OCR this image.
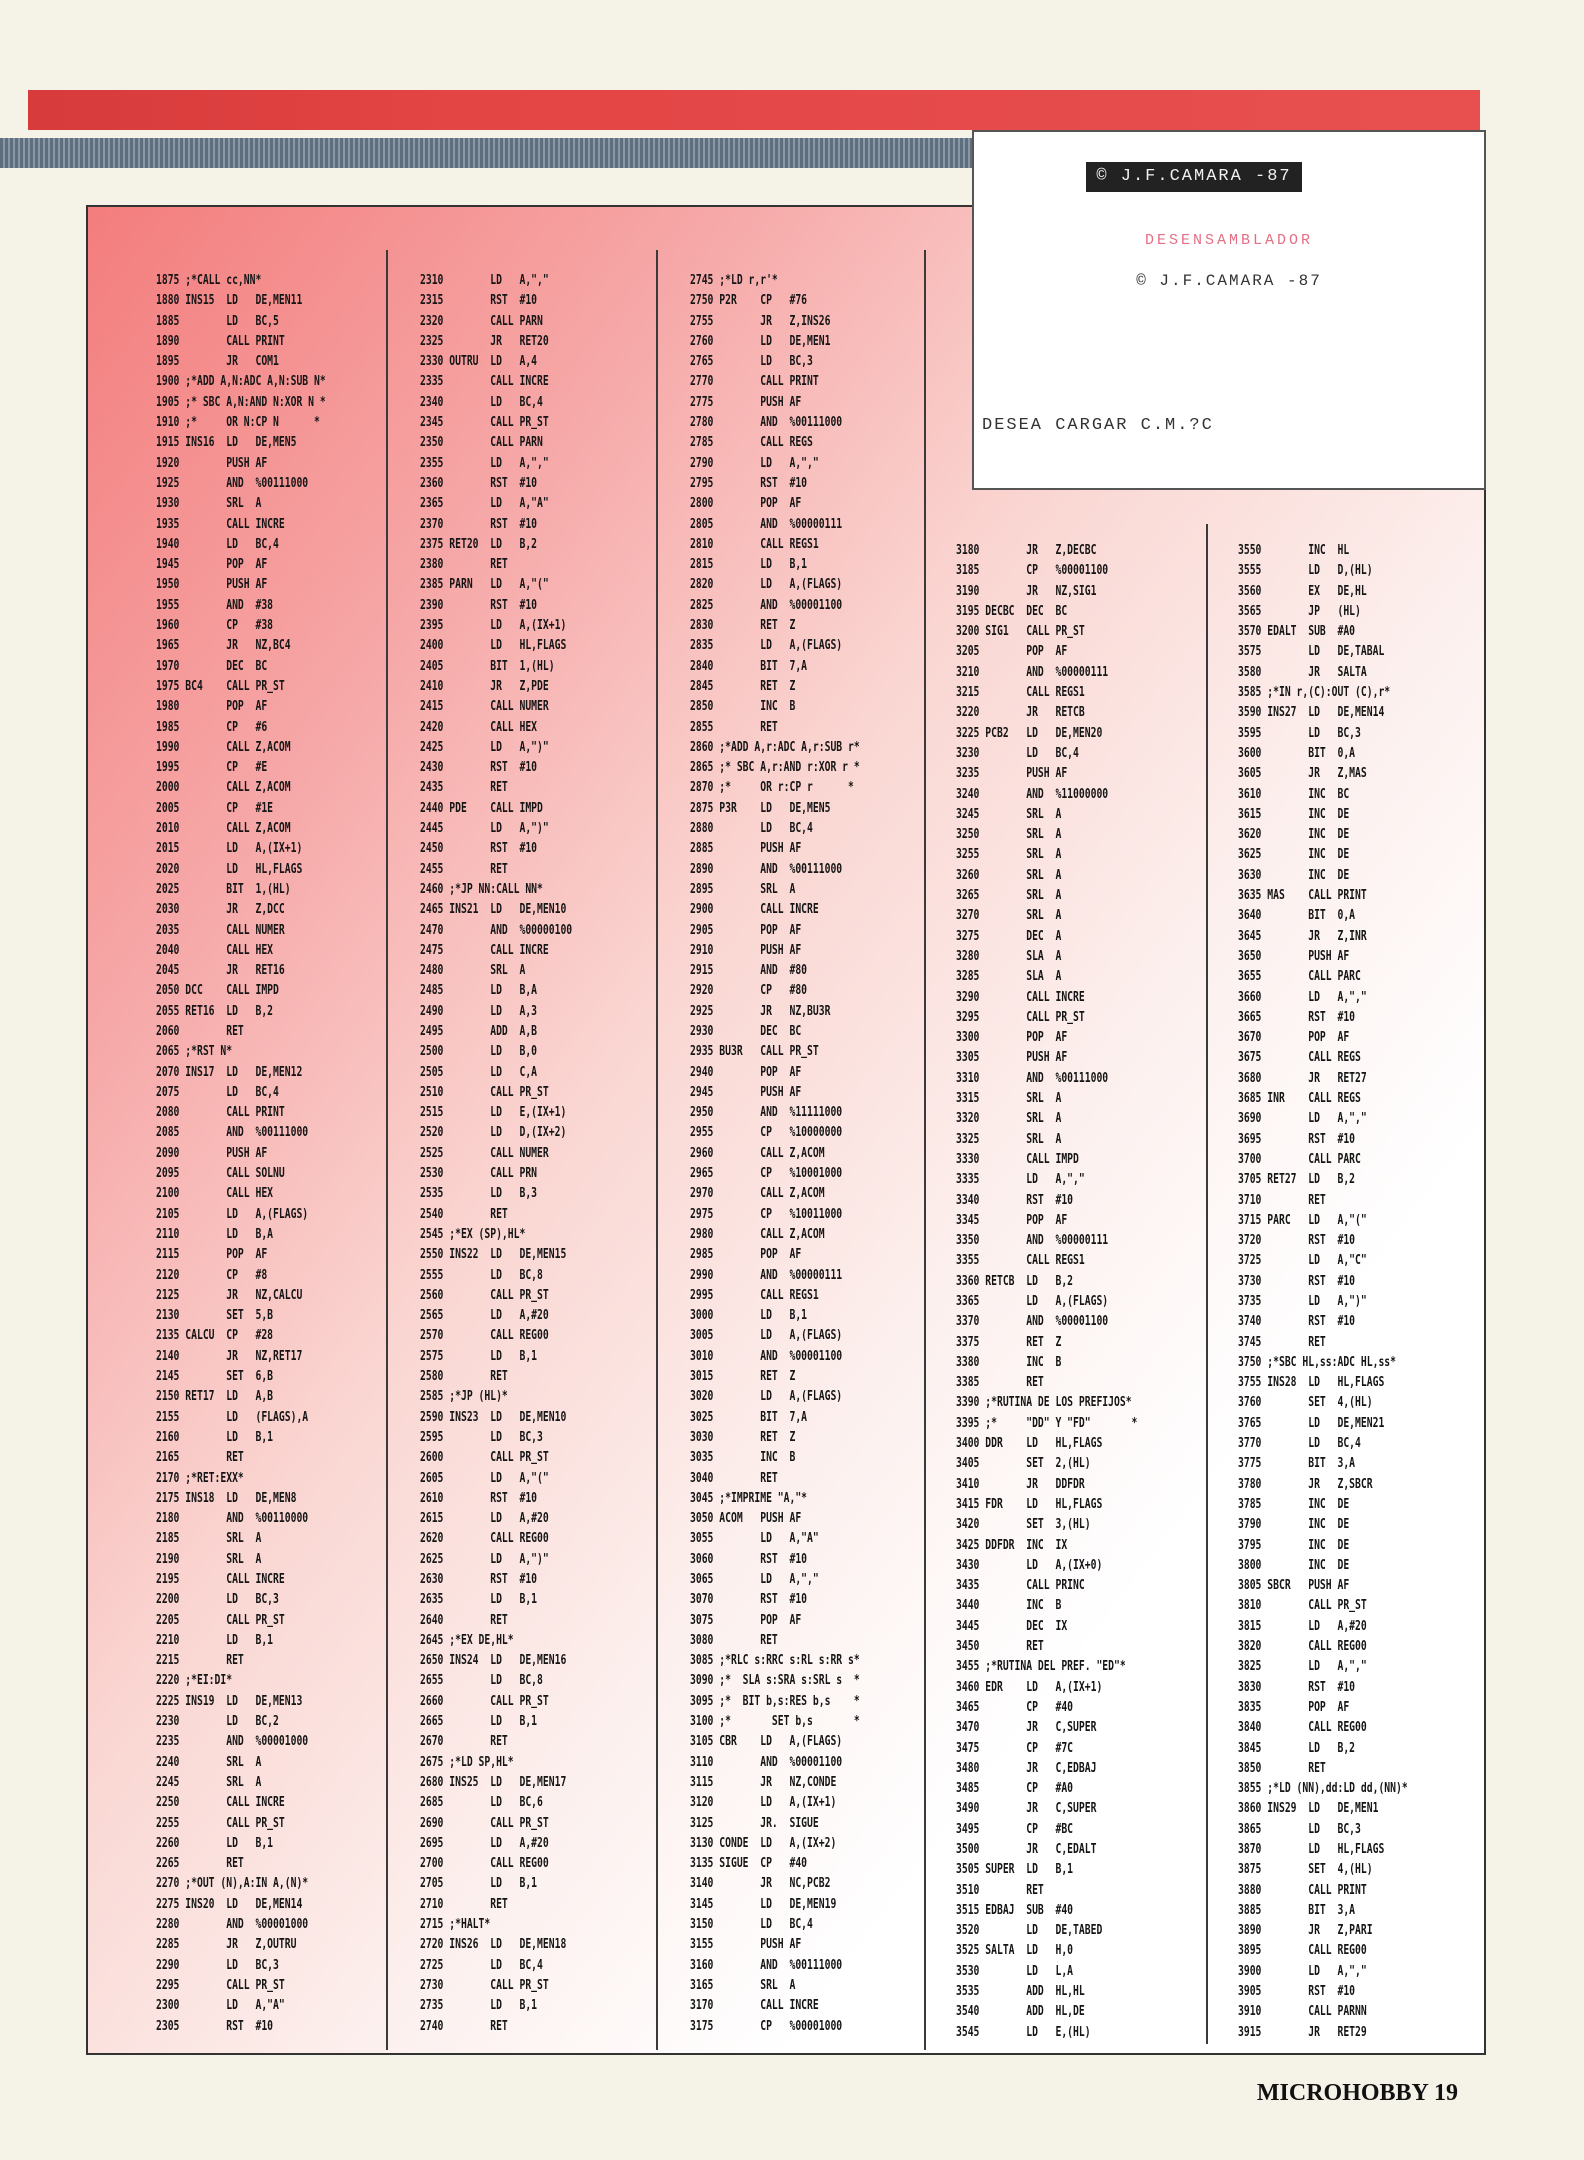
1875 ;*CALL cc,NN*
1880 INS15  LD   DE,MEN11
1885        LD   BC,5
1890        CALL PRINT
1895        JR   COM1
1900 ;*ADD A,N:ADC A,N:SUB N*
1905 ;* SBC A,N:AND N:XOR N *
1910 ;*     OR N:CP N      *
1915 INS16  LD   DE,MEN5
1920        PUSH AF
1925        AND  %00111000
1930        SRL  A
1935        CALL INCRE
1940        LD   BC,4
1945        POP  AF
1950        PUSH AF
1955        AND  #38
1960        CP   #38
1965        JR   NZ,BC4
1970        DEC  BC
1975 BC4    CALL PR_ST
1980        POP  AF
1985        CP   #6
1990        CALL Z,ACOM
1995        CP   #E
2000        CALL Z,ACOM
2005        CP   #1E
2010        CALL Z,ACOM
2015        LD   A,(IX+1)
2020        LD   HL,FLAGS
2025        BIT  1,(HL)
2030        JR   Z,DCC
2035        CALL NUMER
2040        CALL HEX
2045        JR   RET16
2050 DCC    CALL IMPD
2055 RET16  LD   B,2
2060        RET
2065 ;*RST N*
2070 INS17  LD   DE,MEN12
2075        LD   BC,4
2080        CALL PRINT
2085        AND  %00111000
2090        PUSH AF
2095        CALL SOLNU
2100        CALL HEX
2105        LD   A,(FLAGS)
2110        LD   B,A
2115        POP  AF
2120        CP   #8
2125        JR   NZ,CALCU
2130        SET  5,B
2135 CALCU  CP   #28
2140        JR   NZ,RET17
2145        SET  6,B
2150 RET17  LD   A,B
2155        LD   (FLAGS),A
2160        LD   B,1
2165        RET
2170 ;*RET:EXX*
2175 INS18  LD   DE,MEN8
2180        AND  %00110000
2185        SRL  A
2190        SRL  A
2195        CALL INCRE
2200        LD   BC,3
2205        CALL PR_ST
2210        LD   B,1
2215        RET
2220 ;*EI:DI*
2225 INS19  LD   DE,MEN13
2230        LD   BC,2
2235        AND  %00001000
2240        SRL  A
2245        SRL  A
2250        CALL INCRE
2255        CALL PR_ST
2260        LD   B,1
2265        RET
2270 ;*OUT (N),A:IN A,(N)*
2275 INS20  LD   DE,MEN14
2280        AND  %00001000
2285        JR   Z,OUTRU
2290        LD   BC,3
2295        CALL PR_ST
2300        LD   A,"A"
2305        RST  #10
2310        LD   A,","
2315        RST  #10
2320        CALL PARN
2325        JR   RET20
2330 OUTRU  LD   A,4
2335        CALL INCRE
2340        LD   BC,4
2345        CALL PR_ST
2350        CALL PARN
2355        LD   A,","
2360        RST  #10
2365        LD   A,"A"
2370        RST  #10
2375 RET20  LD   B,2
2380        RET
2385 PARN   LD   A,"("
2390        RST  #10
2395        LD   A,(IX+1)
2400        LD   HL,FLAGS
2405        BIT  1,(HL)
2410        JR   Z,PDE
2415        CALL NUMER
2420        CALL HEX
2425        LD   A,")"
2430        RST  #10
2435        RET
2440 PDE    CALL IMPD
2445        LD   A,")"
2450        RST  #10
2455        RET
2460 ;*JP NN:CALL NN*
2465 INS21  LD   DE,MEN10
2470        AND  %00000100
2475        CALL INCRE
2480        SRL  A
2485        LD   B,A
2490        LD   A,3
2495        ADD  A,B
2500        LD   B,0
2505        LD   C,A
2510        CALL PR_ST
2515        LD   E,(IX+1)
2520        LD   D,(IX+2)
2525        CALL NUMER
2530        CALL PRN
2535        LD   B,3
2540        RET
2545 ;*EX (SP),HL*
2550 INS22  LD   DE,MEN15
2555        LD   BC,8
2560        CALL PR_ST
2565        LD   A,#20
2570        CALL REG00
2575        LD   B,1
2580        RET
2585 ;*JP (HL)*
2590 INS23  LD   DE,MEN10
2595        LD   BC,3
2600        CALL PR_ST
2605        LD   A,"("
2610        RST  #10
2615        LD   A,#20
2620        CALL REG00
2625        LD   A,")"
2630        RST  #10
2635        LD   B,1
2640        RET
2645 ;*EX DE,HL*
2650 INS24  LD   DE,MEN16
2655        LD   BC,8
2660        CALL PR_ST
2665        LD   B,1
2670        RET
2675 ;*LD SP,HL*
2680 INS25  LD   DE,MEN17
2685        LD   BC,6
2690        CALL PR_ST
2695        LD   A,#20
2700        CALL REG00
2705        LD   B,1
2710        RET
2715 ;*HALT*
2720 INS26  LD   DE,MEN18
2725        LD   BC,4
2730        CALL PR_ST
2735        LD   B,1
2740        RET
2745 ;*LD r,r'*
2750 P2R    CP   #76
2755        JR   Z,INS26
2760        LD   DE,MEN1
2765        LD   BC,3
2770        CALL PRINT
2775        PUSH AF
2780        AND  %00111000
2785        CALL REGS
2790        LD   A,","
2795        RST  #10
2800        POP  AF
2805        AND  %00000111
2810        CALL REGS1
2815        LD   B,1
2820        LD   A,(FLAGS)
2825        AND  %00001100
2830        RET  Z
2835        LD   A,(FLAGS)
2840        BIT  7,A
2845        RET  Z
2850        INC  B
2855        RET
2860 ;*ADD A,r:ADC A,r:SUB r*
2865 ;* SBC A,r:AND r:XOR r *
2870 ;*     OR r:CP r      *
2875 P3R    LD   DE,MEN5
2880        LD   BC,4
2885        PUSH AF
2890        AND  %00111000
2895        SRL  A
2900        CALL INCRE
2905        POP  AF
2910        PUSH AF
2915        AND  #80
2920        CP   #80
2925        JR   NZ,BU3R
2930        DEC  BC
2935 BU3R   CALL PR_ST
2940        POP  AF
2945        PUSH AF
2950        AND  %11111000
2955        CP   %10000000
2960        CALL Z,ACOM
2965        CP   %10001000
2970        CALL Z,ACOM
2975        CP   %10011000
2980        CALL Z,ACOM
2985        POP  AF
2990        AND  %00000111
2995        CALL REGS1
3000        LD   B,1
3005        LD   A,(FLAGS)
3010        AND  %00001100
3015        RET  Z
3020        LD   A,(FLAGS)
3025        BIT  7,A
3030        RET  Z
3035        INC  B
3040        RET
3045 ;*IMPRIME "A,"*
3050 ACOM   PUSH AF
3055        LD   A,"A"
3060        RST  #10
3065        LD   A,","
3070        RST  #10
3075        POP  AF
3080        RET
3085 ;*RLC s:RRC s:RL s:RR s*
3090 ;*  SLA s:SRA s:SRL s  *
3095 ;*  BIT b,s:RES b,s    *
3100 ;*       SET b,s       *
3105 CBR    LD   A,(FLAGS)
3110        AND  %00001100
3115        JR   NZ,CONDE
3120        LD   A,(IX+1)
3125        JR.  SIGUE
3130 CONDE  LD   A,(IX+2)
3135 SIGUE  CP   #40
3140        JR   NC,PCB2
3145        LD   DE,MEN19
3150        LD   BC,4
3155        PUSH AF
3160        AND  %00111000
3165        SRL  A
3170        CALL INCRE
3175        CP   %00001000
3180        JR   Z,DECBC
3185        CP   %00001100
3190        JR   NZ,SIG1
3195 DECBC  DEC  BC
3200 SIG1   CALL PR_ST
3205        POP  AF
3210        AND  %00000111
3215        CALL REGS1
3220        JR   RETCB
3225 PCB2   LD   DE,MEN20
3230        LD   BC,4
3235        PUSH AF
3240        AND  %11000000
3245        SRL  A
3250        SRL  A
3255        SRL  A
3260        SRL  A
3265        SRL  A
3270        SRL  A
3275        DEC  A
3280        SLA  A
3285        SLA  A
3290        CALL INCRE
3295        CALL PR_ST
3300        POP  AF
3305        PUSH AF
3310        AND  %00111000
3315        SRL  A
3320        SRL  A
3325        SRL  A
3330        CALL IMPD
3335        LD   A,","
3340        RST  #10
3345        POP  AF
3350        AND  %00000111
3355        CALL REGS1
3360 RETCB  LD   B,2
3365        LD   A,(FLAGS)
3370        AND  %00001100
3375        RET  Z
3380        INC  B
3385        RET
3390 ;*RUTINA DE LOS PREFIJOS*
3395 ;*     "DD" Y "FD"       *
3400 DDR    LD   HL,FLAGS
3405        SET  2,(HL)
3410        JR   DDFDR
3415 FDR    LD   HL,FLAGS
3420        SET  3,(HL)
3425 DDFDR  INC  IX
3430        LD   A,(IX+0)
3435        CALL PRINC
3440        INC  B
3445        DEC  IX
3450        RET
3455 ;*RUTINA DEL PREF. "ED"*
3460 EDR    LD   A,(IX+1)
3465        CP   #40
3470        JR   C,SUPER
3475        CP   #7C
3480        JR   C,EDBAJ
3485        CP   #A0
3490        JR   C,SUPER
3495        CP   #BC
3500        JR   C,EDALT
3505 SUPER  LD   B,1
3510        RET
3515 EDBAJ  SUB  #40
3520        LD   DE,TABED
3525 SALTA  LD   H,0
3530        LD   L,A
3535        ADD  HL,HL
3540        ADD  HL,DE
3545        LD   E,(HL)
3550        INC  HL
3555        LD   D,(HL)
3560        EX   DE,HL
3565        JP   (HL)
3570 EDALT  SUB  #A0
3575        LD   DE,TABAL
3580        JR   SALTA
3585 ;*IN r,(C):OUT (C),r*
3590 INS27  LD   DE,MEN14
3595        LD   BC,3
3600        BIT  0,A
3605        JR   Z,MAS
3610        INC  BC
3615        INC  DE
3620        INC  DE
3625        INC  DE
3630        INC  DE
3635 MAS    CALL PRINT
3640        BIT  0,A
3645        JR   Z,INR
3650        PUSH AF
3655        CALL PARC
3660        LD   A,","
3665        RST  #10
3670        POP  AF
3675        CALL REGS
3680        JR   RET27
3685 INR    CALL REGS
3690        LD   A,","
3695        RST  #10
3700        CALL PARC
3705 RET27  LD   B,2
3710        RET
3715 PARC   LD   A,"("
3720        RST  #10
3725        LD   A,"C"
3730        RST  #10
3735        LD   A,")"
3740        RST  #10
3745        RET
3750 ;*SBC HL,ss:ADC HL,ss*
3755 INS28  LD   HL,FLAGS
3760        SET  4,(HL)
3765        LD   DE,MEN21
3770        LD   BC,4
3775        BIT  3,A
3780        JR   Z,SBCR
3785        INC  DE
3790        INC  DE
3795        INC  DE
3800        INC  DE
3805 SBCR   PUSH AF
3810        CALL PR_ST
3815        LD   A,#20
3820        CALL REG00
3825        LD   A,","
3830        RST  #10
3835        POP  AF
3840        CALL REG00
3845        LD   B,2
3850        RET
3855 ;*LD (NN),dd:LD dd,(NN)*
3860 INS29  LD   DE,MEN1
3865        LD   BC,3
3870        LD   HL,FLAGS
3875        SET  4,(HL)
3880        CALL PRINT
3885        BIT  3,A
3890        JR   Z,PARI
3895        CALL REG00
3900        LD   A,","
3905        RST  #10
3910        CALL PARNN
3915        JR   RET29
© J.F.CAMARA -87
DESENSAMBLADOR
© J.F.CAMARA -87
DESEA CARGAR C.M.?C
MICROHOBBY 19
